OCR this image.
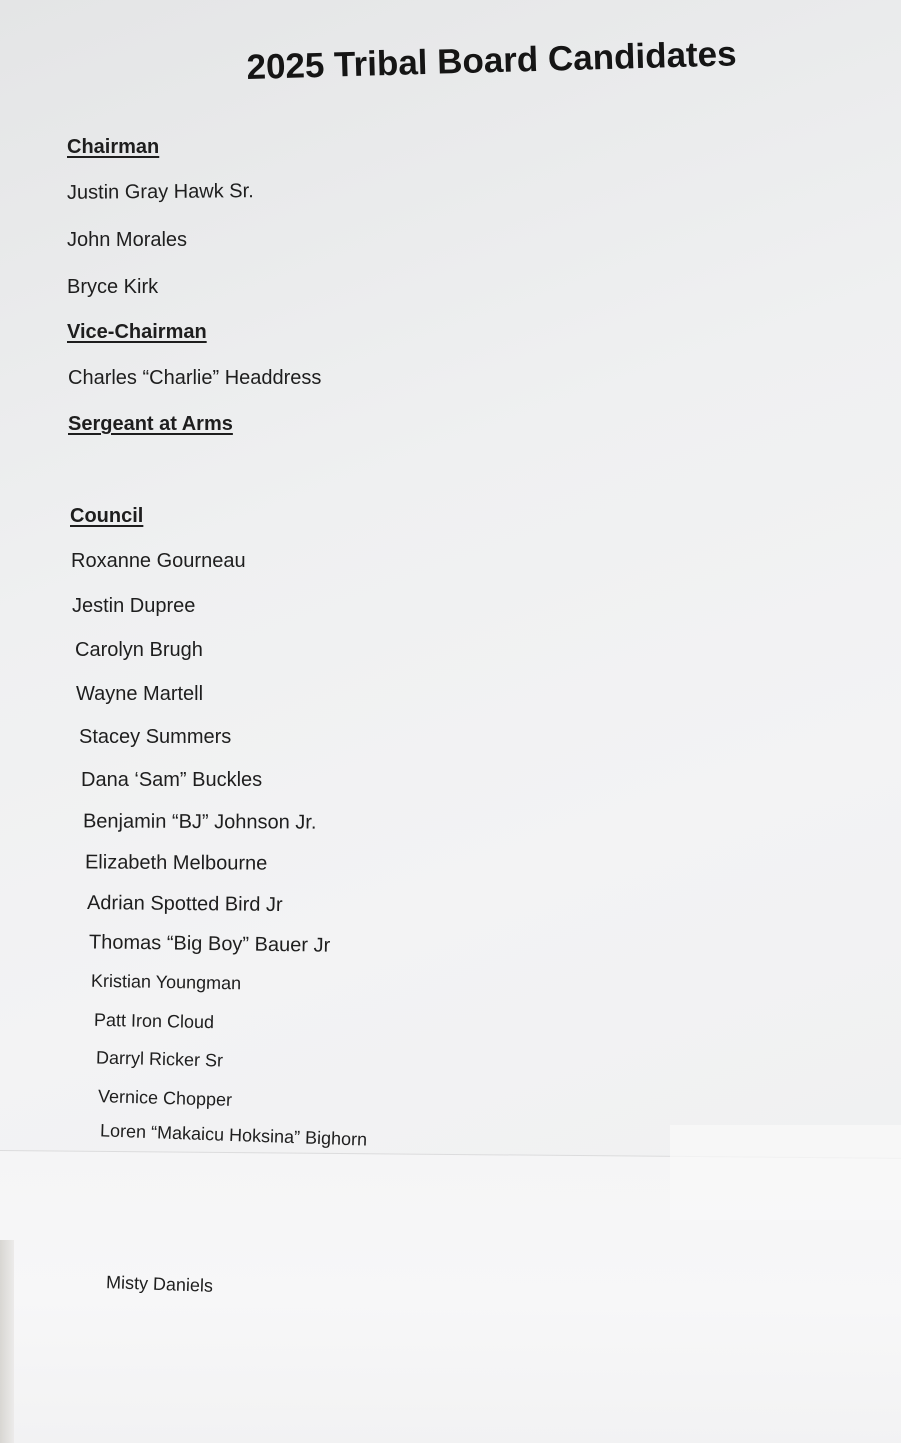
2025 Tribal Board Candidates
Chairman
Justin Gray Hawk Sr.
John Morales
Bryce Kirk
Vice-Chairman
Charles “Charlie” Headdress
Sergeant at Arms
Council
Roxanne Gourneau
Jestin Dupree
Carolyn Brugh
Wayne Martell
Stacey Summers
Dana ‘Sam” Buckles
Benjamin “BJ” Johnson Jr.
Elizabeth Melbourne
Adrian Spotted Bird Jr
Thomas “Big Boy” Bauer Jr
Kristian Youngman
Patt Iron Cloud
Darryl Ricker Sr
Vernice Chopper
Loren “Makaicu Hoksina” Bighorn
Misty Daniels
